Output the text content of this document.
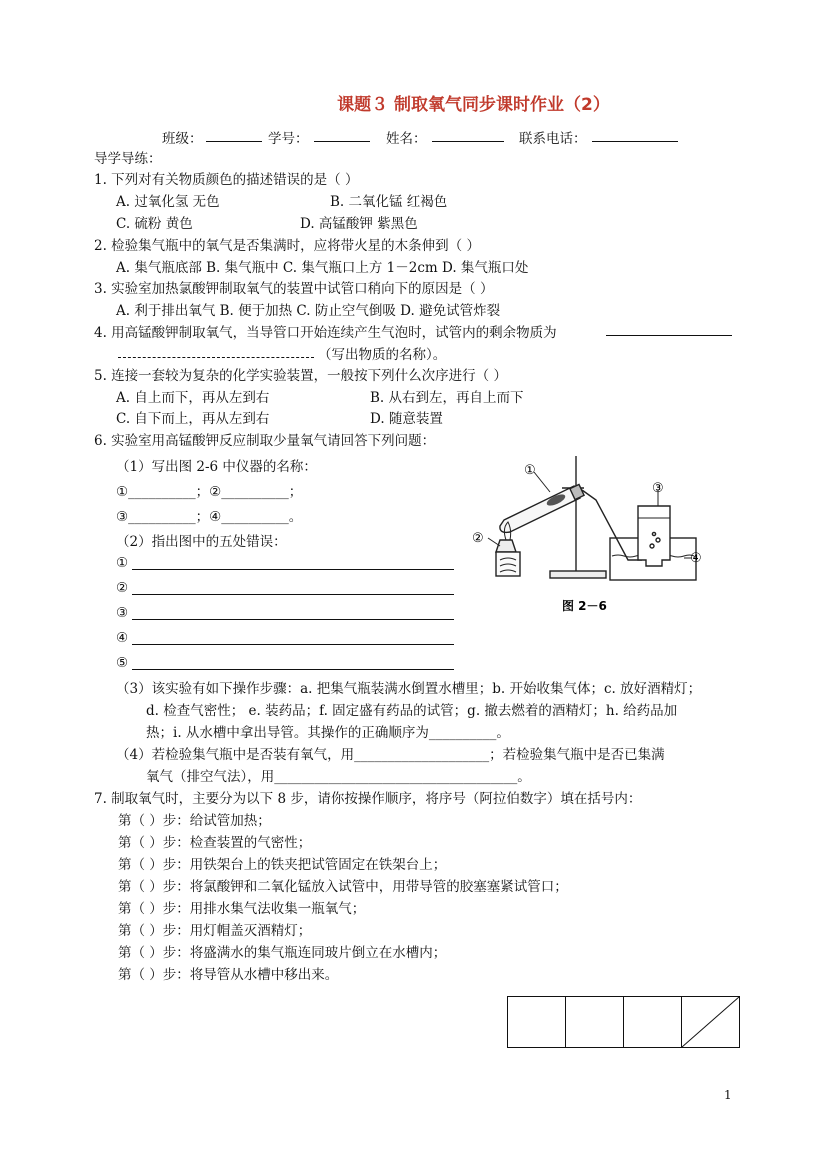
课题３ 制取氧气同步课时作业（2）
班级：	学号：	姓名：	联系电话：
导学导练：
1. 下列对有关物质颜色的描述错误的是（ ）
A. 过氧化氢 无色	B. 二氧化锰 红褐色
C. 硫粉 黄色	D. 高锰酸钾 紫黑色
2. 检验集气瓶中的氧气是否集满时，应将带火星的木条伸到（ ）
A. 集气瓶底部 B. 集气瓶中 C. 集气瓶口上方 1－2cm D. 集气瓶口处
3. 实验室加热氯酸钾制取氧气的装置中试管口稍向下的原因是（ ）
A. 利于排出氧气 B. 便于加热 C. 防止空气倒吸 D. 避免试管炸裂
4. 用高锰酸钾制取氧气，当导管口开始连续产生气泡时，试管内的剩余物质为
（写出物质的名称）。
5. 连接一套较为复杂的化学实验装置，一般按下列什么次序进行（ ）
A. 自上而下，再从左到右	B. 从右到左，再自上而下
C. 自下而上，再从左到右	D. 随意装置
6. 实验室用高锰酸钾反应制取少量氧气请回答下列问题：
（1）写出图 2-6 中仪器的名称：
①__________；②__________；
③__________；④__________。
（2）指出图中的五处错误：
①
②
③
④
⑤
①
②
③
④
图 2－6
（3）该实验有如下操作步骤：a. 把集气瓶装满水倒置水槽里；b. 开始收集气体；c. 放好酒精灯；
d. 检查气密性； e. 装药品；f. 固定盛有药品的试管；g. 撤去燃着的酒精灯；h. 给药品加
热；i. 从水槽中拿出导管。其操作的正确顺序为__________。
（4）若检验集气瓶中是否装有氧气，用____________________；若检验集气瓶中是否已集满
氧气（排空气法），用____________________________________。
7. 制取氧气时，主要分为以下 8 步，请你按操作顺序，将序号（阿拉伯数字）填在括号内：
第（ ）步：给试管加热；
第（ ）步：检查装置的气密性；
第（ ）步：用铁架台上的铁夹把试管固定在铁架台上；
第（ ）步：将氯酸钾和二氧化锰放入试管中，用带导管的胶塞塞紧试管口；
第（ ）步：用排水集气法收集一瓶氧气；
第（ ）步：用灯帽盖灭酒精灯；
第（ ）步：将盛满水的集气瓶连同玻片倒立在水槽内；
第（ ）步：将导管从水槽中移出来。

1
